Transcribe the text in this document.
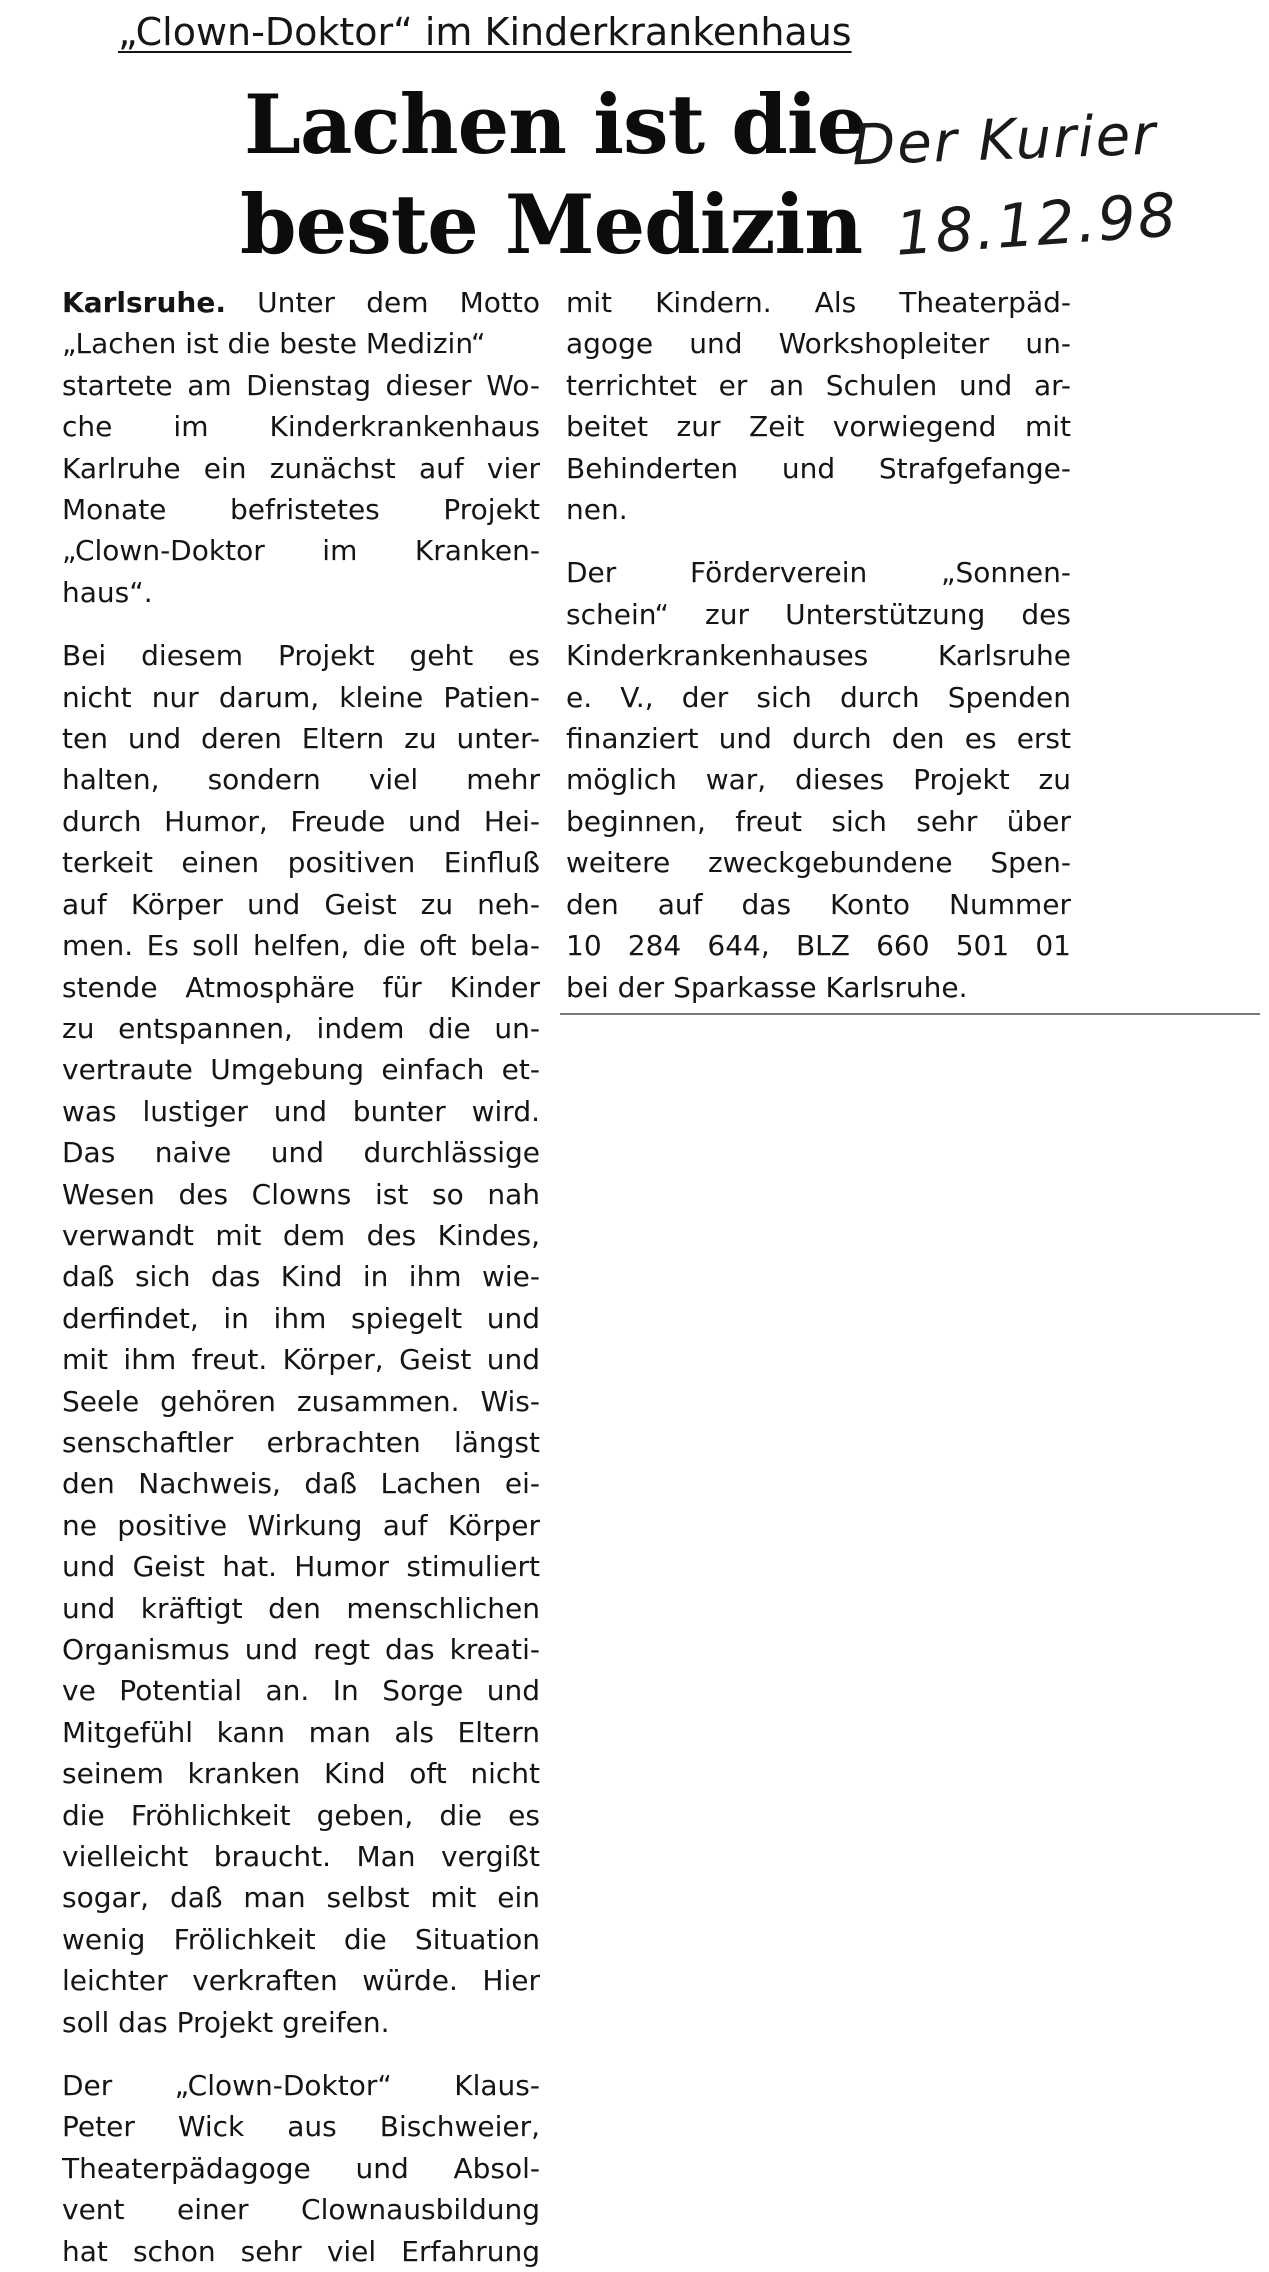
„Clown-Doktor“ im Kinderkrankenhaus
Lachen ist die
beste Medizin
Der Kurier
18.12.98

Karlsruhe. Unter dem Motto
„Lachen ist die beste Medizin“
startete am Dienstag dieser Wo-
che im Kinderkrankenhaus
Karlruhe ein zunächst auf vier
Monate befristetes Projekt
„Clown-Doktor im Kranken-
haus“.

Bei diesem Projekt geht es
nicht nur darum, kleine Patien-
ten und deren Eltern zu unter-
halten, sondern viel mehr
durch Humor, Freude und Hei-
terkeit einen positiven Einfluß
auf Körper und Geist zu neh-
men. Es soll helfen, die oft bela-
stende Atmosphäre für Kinder
zu entspannen, indem die un-
vertraute Umgebung einfach et-
was lustiger und bunter wird.
Das naive und durchlässige
Wesen des Clowns ist so nah
verwandt mit dem des Kindes,
daß sich das Kind in ihm wie-
derfindet, in ihm spiegelt und
mit ihm freut. Körper, Geist und
Seele gehören zusammen. Wis-
senschaftler erbrachten längst
den Nachweis, daß Lachen ei-
ne positive Wirkung auf Körper
und Geist hat. Humor stimuliert
und kräftigt den menschlichen
Organismus und regt das kreati-
ve Potential an. In Sorge und
Mitgefühl kann man als Eltern
seinem kranken Kind oft nicht
die Fröhlichkeit geben, die es
vielleicht braucht. Man vergißt
sogar, daß man selbst mit ein
wenig Frölichkeit die Situation
leichter verkraften würde. Hier
soll das Projekt greifen.

Der „Clown-Doktor“ Klaus-
Peter Wick aus Bischweier,
Theaterpädagoge und Absol-
vent einer Clownausbildung
hat schon sehr viel Erfahrung

mit Kindern. Als Theaterpäd-
agoge und Workshopleiter un-
terrichtet er an Schulen und ar-
beitet zur Zeit vorwiegend mit
Behinderten und Strafgefange-
nen.

Der Förderverein „Sonnen-
schein“ zur Unterstützung des
Kinderkrankenhauses Karlsruhe
e. V., der sich durch Spenden
finanziert und durch den es erst
möglich war, dieses Projekt zu
beginnen, freut sich sehr über
weitere zweckgebundene Spen-
den auf das Konto Nummer
10 284 644, BLZ 660 501 01
bei der Sparkasse Karlsruhe.
